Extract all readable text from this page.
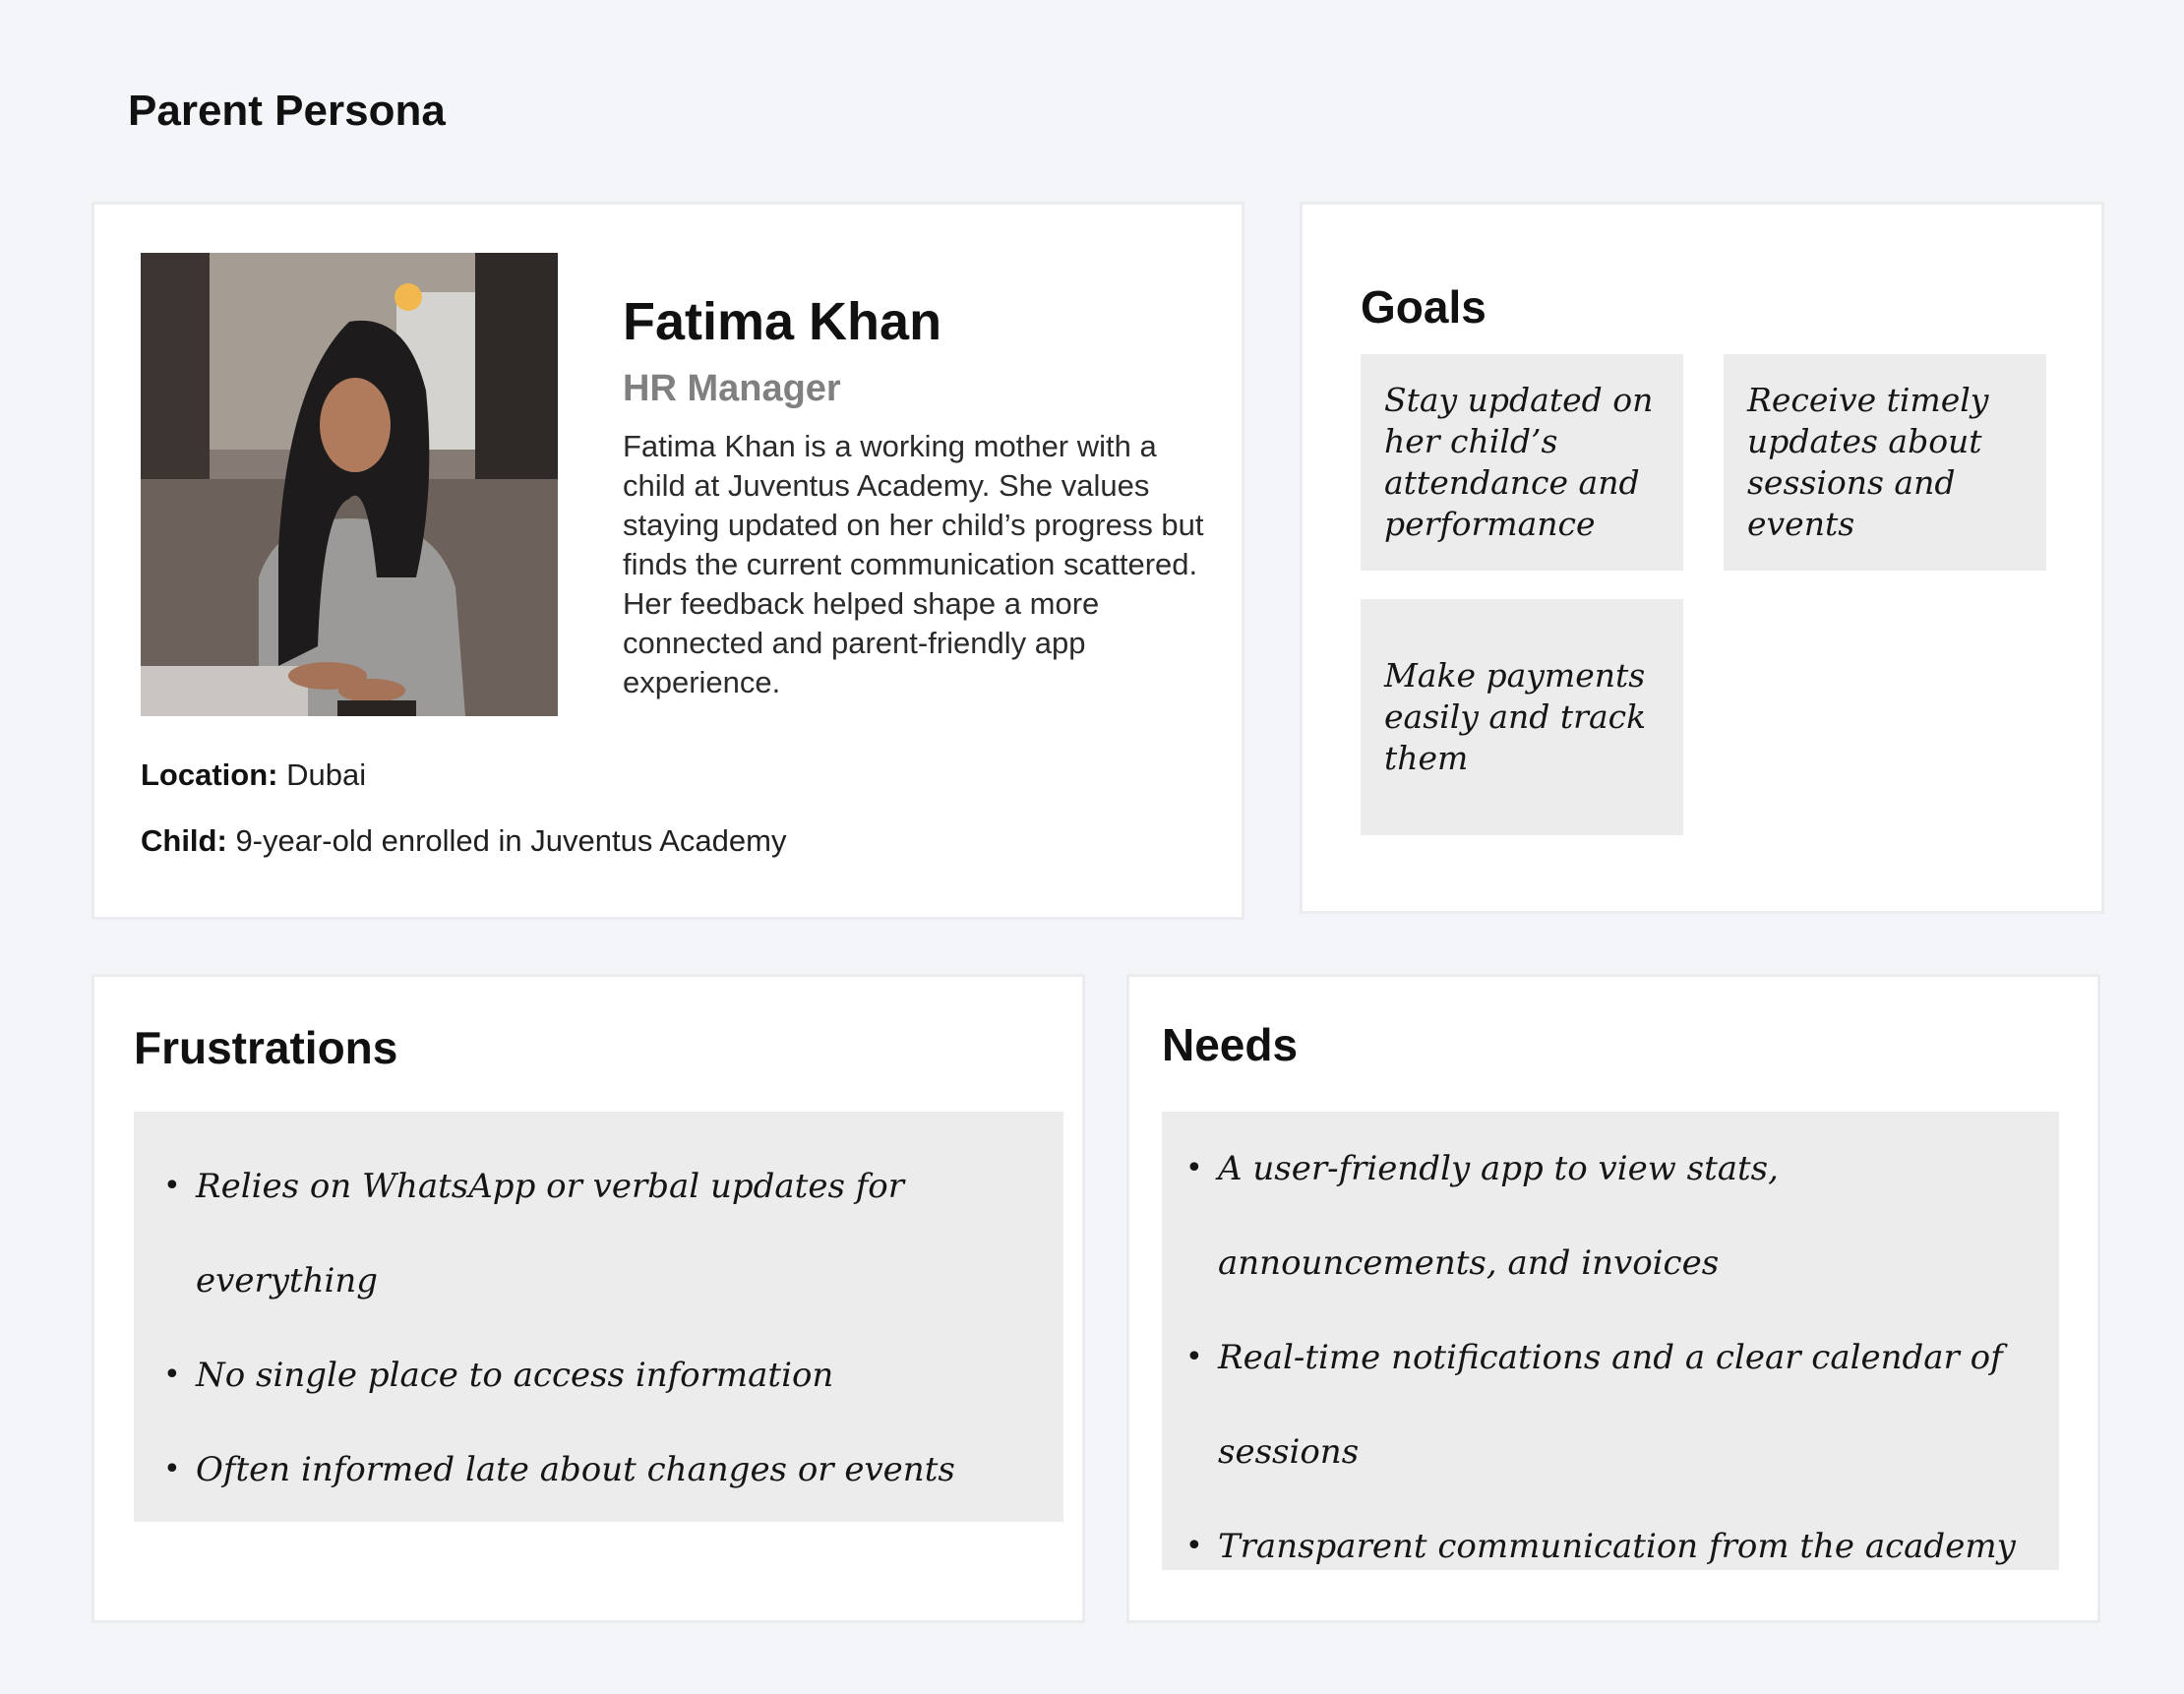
Parent Persona
Fatima Khan
HR Manager
Fatima Khan is a working mother with a child at Juventus Academy. She values staying updated on her child’s progress but finds the current communication scattered. Her feedback helped shape a more connected and parent-friendly app experience.
Location: Dubai
Child: 9-year-old enrolled in Juventus Academy
Goals
Stay updated on her child’s attendance and performance
Receive timely updates about sessions and events
Make payments easily and track them
Frustrations
• Relies on WhatsApp or verbal updates for everything
• No single place to access information
• Often informed late about changes or events
Needs
• A user-friendly app to view stats, announcements, and invoices
• Real-time notifications and a clear calendar of sessions
• Transparent communication from the academy
